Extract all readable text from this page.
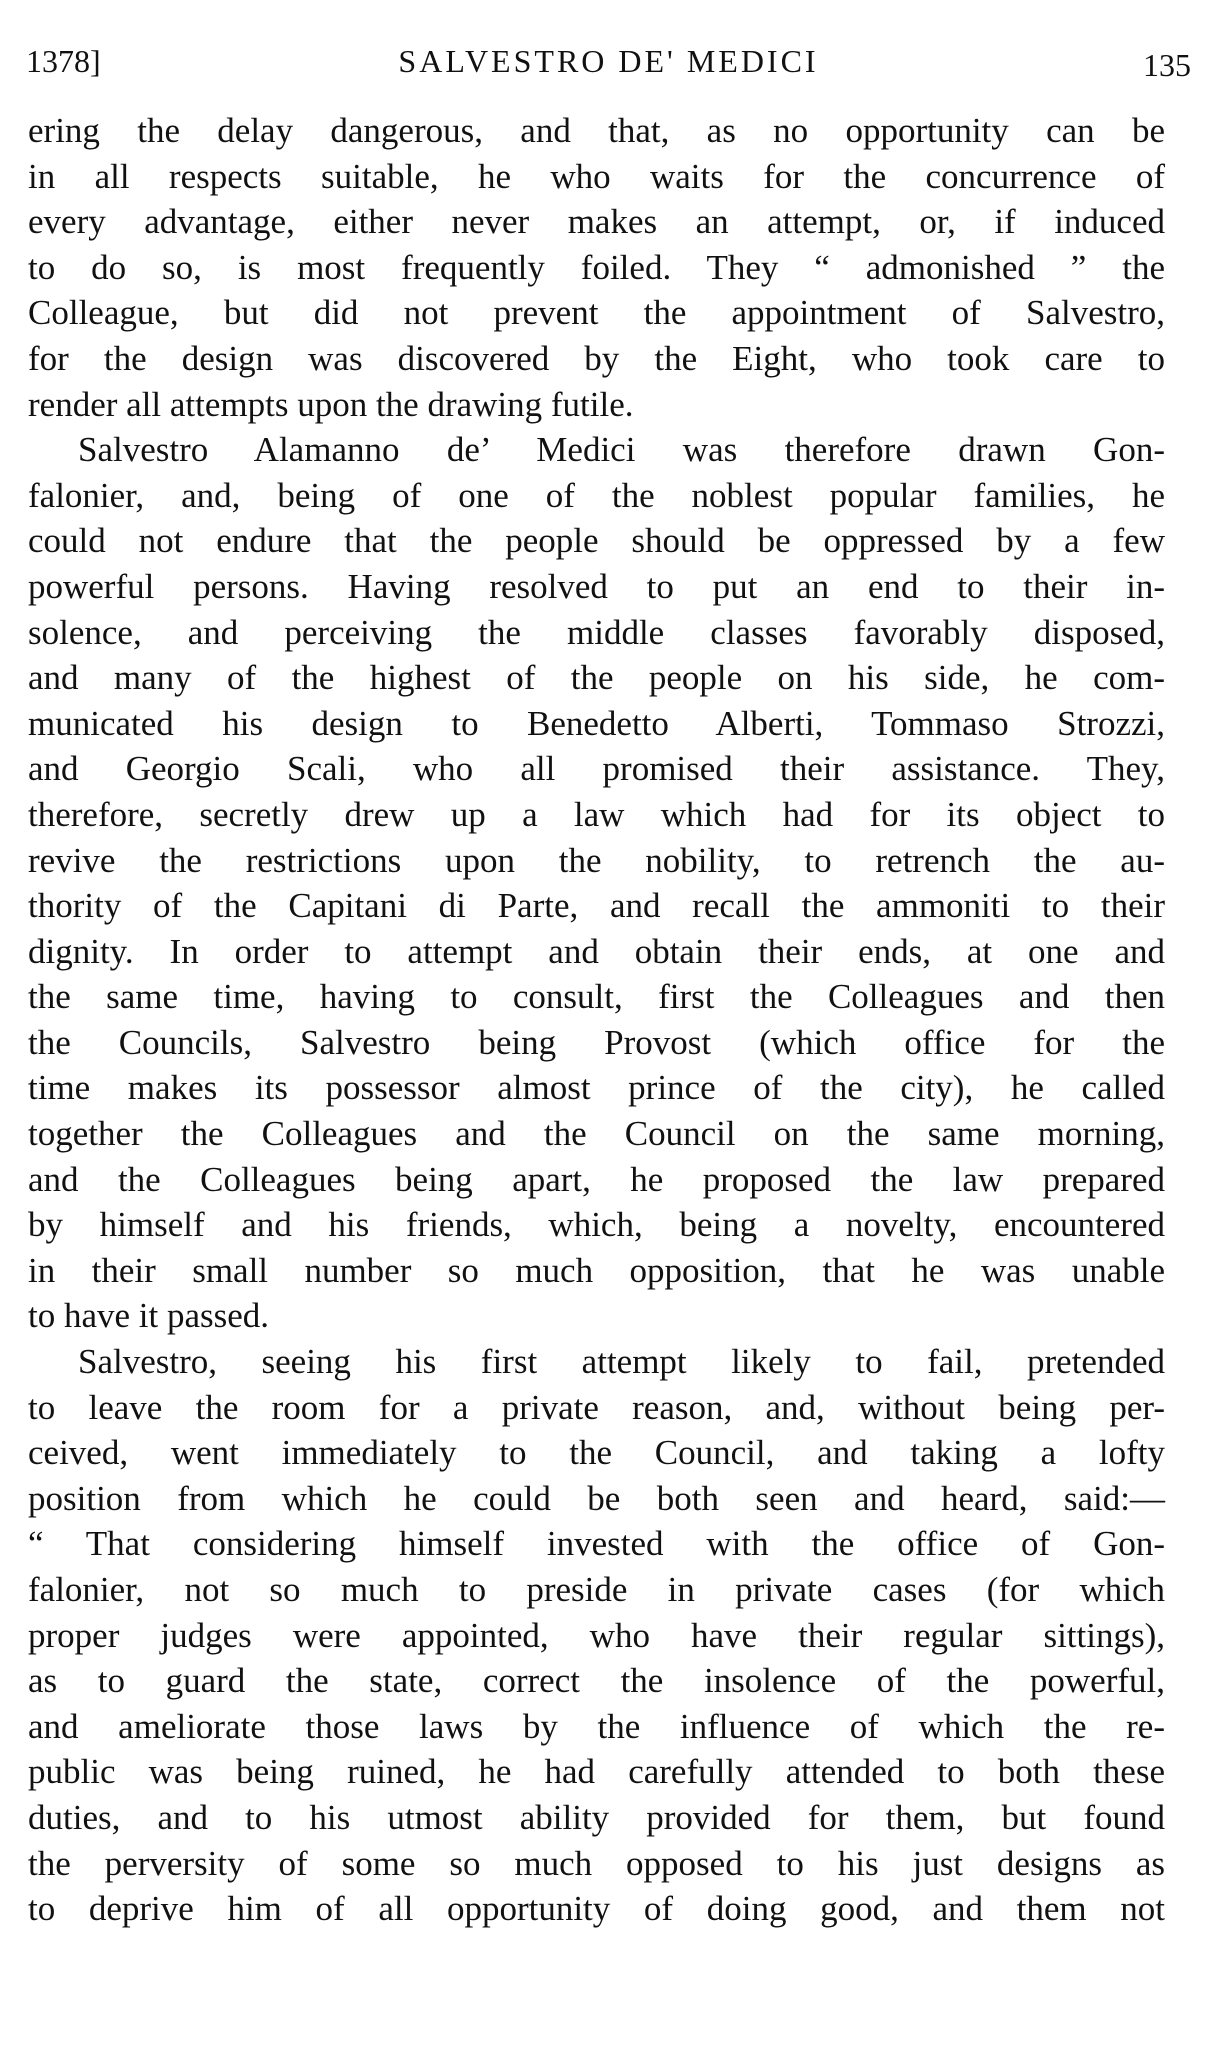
1378]	SALVESTRO DE' MEDICI	135
ering the delay dangerous, and that, as no opportunity can be
in all respects suitable, he who waits for the concurrence of
every advantage, either never makes an attempt, or, if induced
to do so, is most frequently foiled. They “ admonished ” the
Colleague, but did not prevent the appointment of Salvestro,
for the design was discovered by the Eight, who took care to
render all attempts upon the drawing futile.
Salvestro Alamanno de’ Medici was therefore drawn Gon-
falonier, and, being of one of the noblest popular families, he
could not endure that the people should be oppressed by a few
powerful persons. Having resolved to put an end to their in-
solence, and perceiving the middle classes favorably disposed,
and many of the highest of the people on his side, he com-
municated his design to Benedetto Alberti, Tommaso Strozzi,
and Georgio Scali, who all promised their assistance. They,
therefore, secretly drew up a law which had for its object to
revive the restrictions upon the nobility, to retrench the au-
thority of the Capitani di Parte, and recall the ammoniti to their
dignity. In order to attempt and obtain their ends, at one and
the same time, having to consult, first the Colleagues and then
the Councils, Salvestro being Provost (which office for the
time makes its possessor almost prince of the city), he called
together the Colleagues and the Council on the same morning,
and the Colleagues being apart, he proposed the law prepared
by himself and his friends, which, being a novelty, encountered
in their small number so much opposition, that he was unable
to have it passed.
Salvestro, seeing his first attempt likely to fail, pretended
to leave the room for a private reason, and, without being per-
ceived, went immediately to the Council, and taking a lofty
position from which he could be both seen and heard, said:—
“ That considering himself invested with the office of Gon-
falonier, not so much to preside in private cases (for which
proper judges were appointed, who have their regular sittings),
as to guard the state, correct the insolence of the powerful,
and ameliorate those laws by the influence of which the re-
public was being ruined, he had carefully attended to both these
duties, and to his utmost ability provided for them, but found
the perversity of some so much opposed to his just designs as
to deprive him of all opportunity of doing good, and them not
